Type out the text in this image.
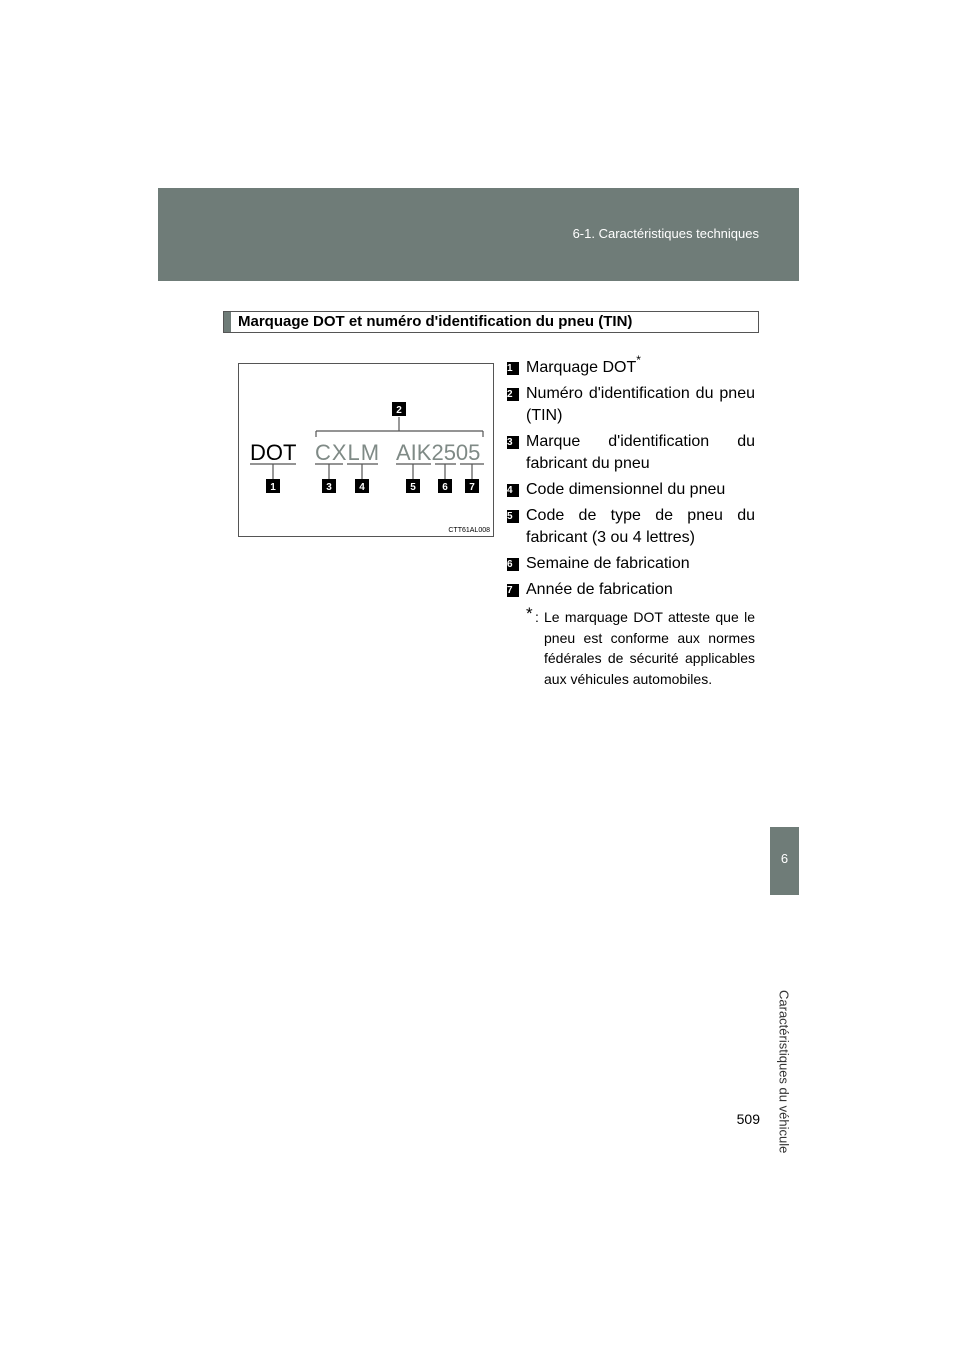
6-1. Caractéristiques techniques
6
Caractéristiques du véhicule
Marquage DOT et numéro d'identification du pneu (TIN)
2
DOT CXLM AIK2505
1	3	4	5	6 7
CTT61AL008
1 Marquage DOT*
2 Numéro d'identification du pneu (TIN)
3 Marque d'identification du fabricant du pneu
4 Code dimensionnel du pneu
5 Code de type de pneu du fabricant (3 ou 4 lettres)
6 Semaine de fabrication
7 Année de fabrication
* : Le marquage DOT atteste que le pneu est conforme aux normes fédérales de sécurité applicables aux véhicules automobiles.
509
